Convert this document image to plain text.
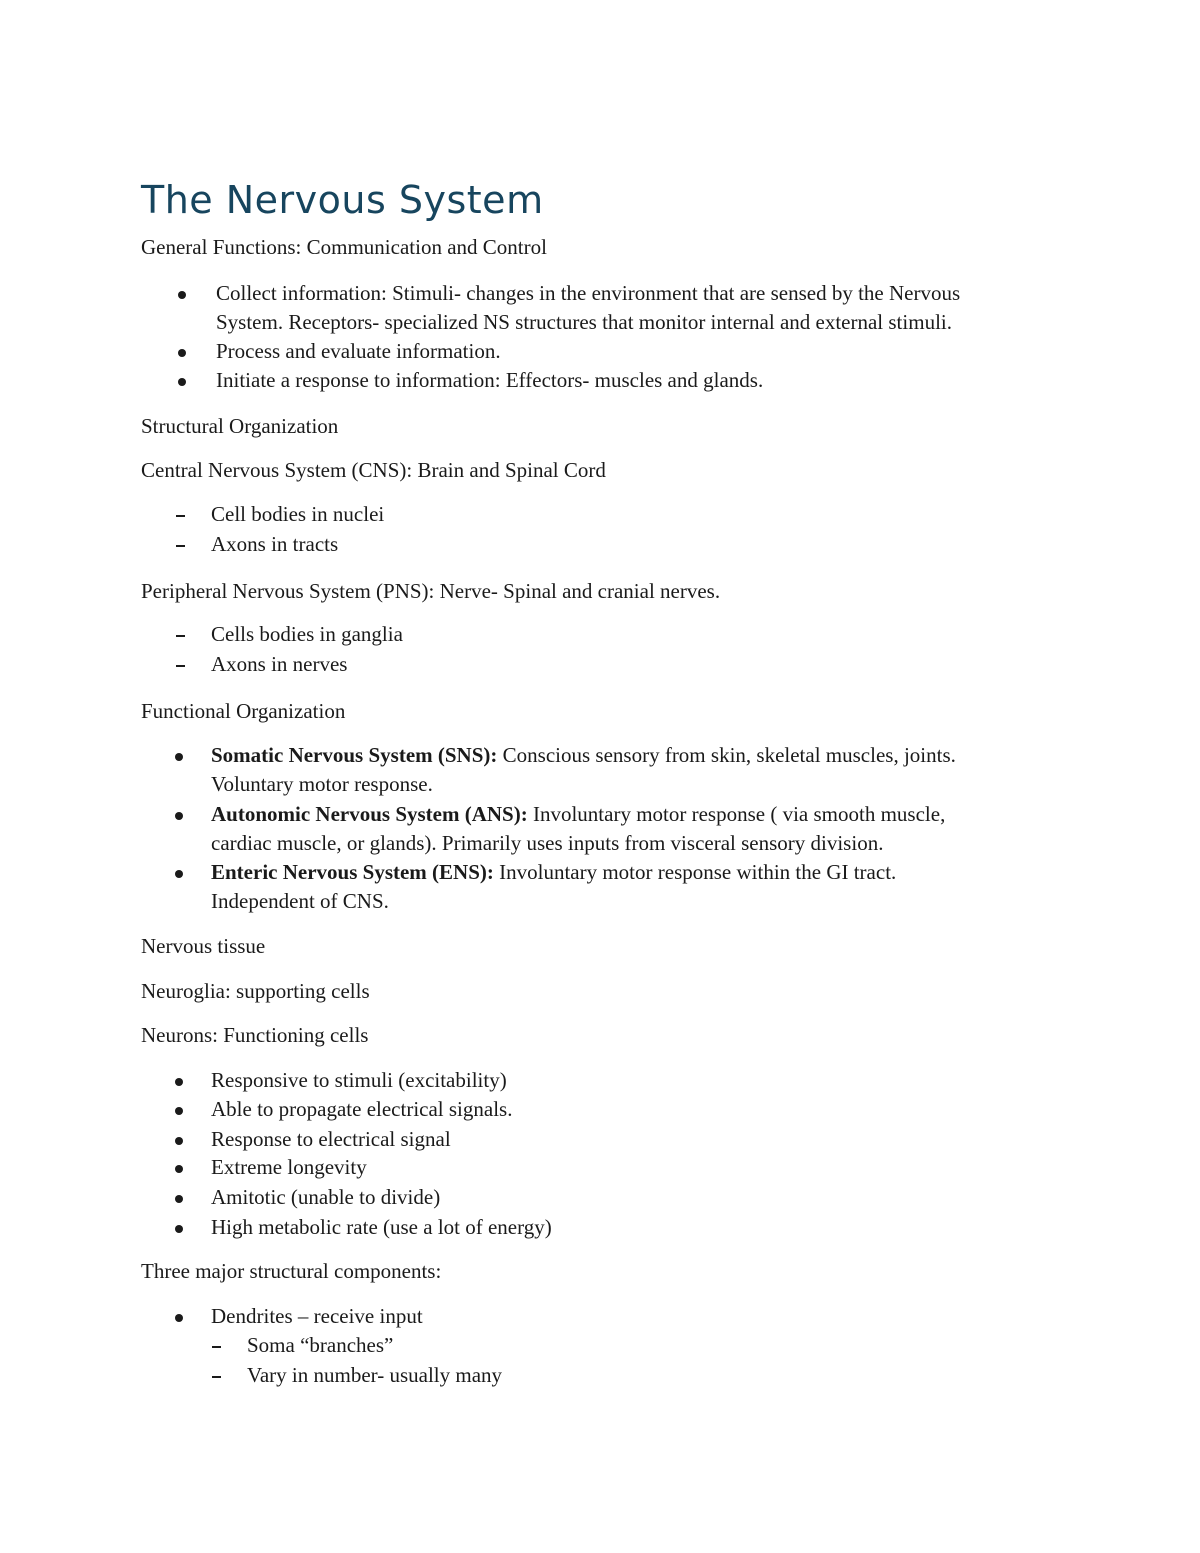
The Nervous System

General Functions: Communication and Control

Collect information: Stimuli- changes in the environment that are sensed by the Nervous
System. Receptors- specialized NS structures that monitor internal and external stimuli.
Process and evaluate information.
Initiate a response to information: Effectors- muscles and glands.

Structural Organization

Central Nervous System (CNS): Brain and Spinal Cord

Cell bodies in nuclei
Axons in tracts

Peripheral Nervous System (PNS): Nerve- Spinal and cranial nerves.

Cells bodies in ganglia
Axons in nerves

Functional Organization

Somatic Nervous System (SNS): Conscious sensory from skin, skeletal muscles, joints.
Voluntary motor response.
Autonomic Nervous System (ANS): Involuntary motor response ( via smooth muscle,
cardiac muscle, or glands). Primarily uses inputs from visceral sensory division.
Enteric Nervous System (ENS): Involuntary motor response within the GI tract.
Independent of CNS.

Nervous tissue

Neuroglia: supporting cells

Neurons: Functioning cells

Responsive to stimuli (excitability)
Able to propagate electrical signals.
Response to electrical signal
Extreme longevity
Amitotic (unable to divide)
High metabolic rate (use a lot of energy)

Three major structural components:

Dendrites – receive input
Soma “branches”
Vary in number- usually many
